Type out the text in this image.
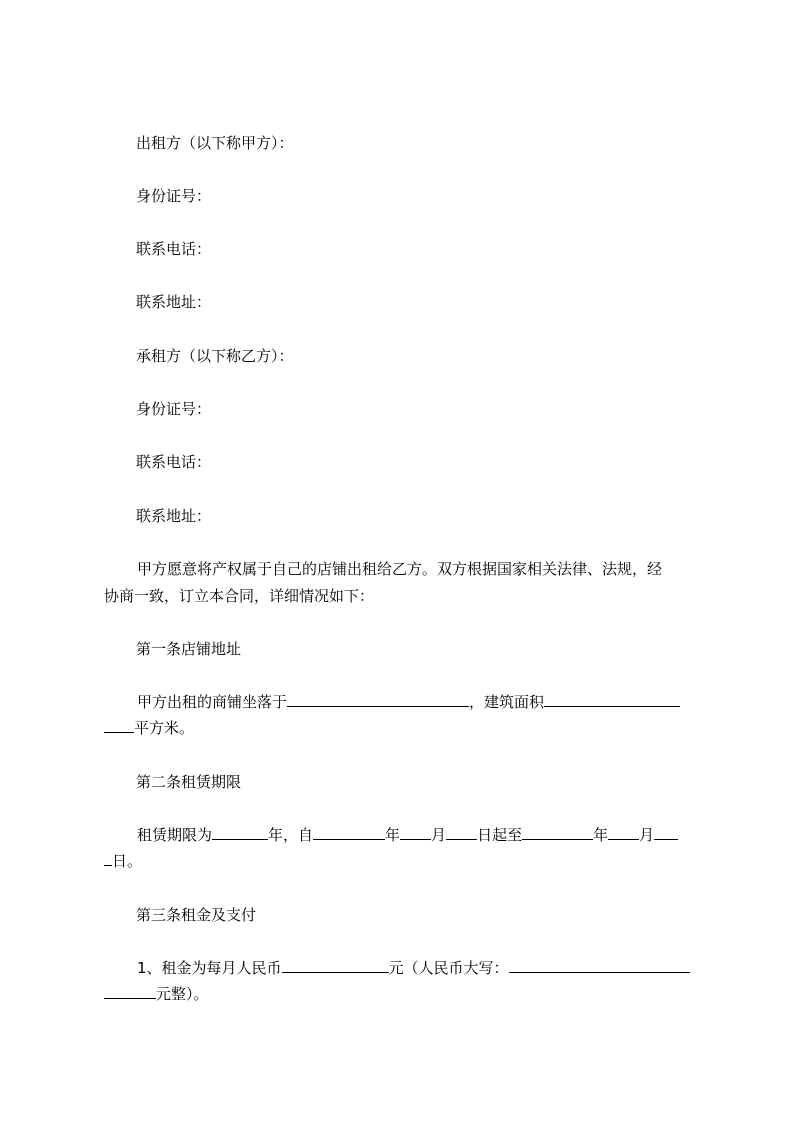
出租方（以下称甲方）：
身份证号：
联系电话：
联系地址：
承租方（以下称乙方）：
身份证号：
联系电话：
联系地址：
甲方愿意将产权属于自己的店铺出租给乙方。双方根据国家相关法律、法规，经
协商一致，订立本合同，详细情况如下：
第一条店铺地址
甲方出租的商铺坐落于	，建筑面积
平方米。
第二条租赁期限
租赁期限为	年，自	年 月 日起至	年 月
日。
第三条租金及支付
1、租金为每月人民币	元（人民币大写：
元整）。
